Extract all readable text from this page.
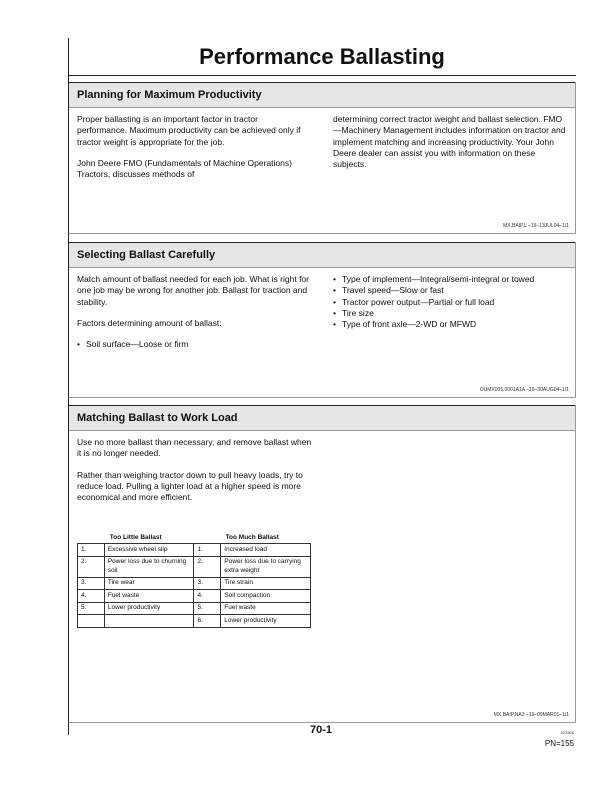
Performance Ballasting
Planning for Maximum Productivity

Proper ballasting is an important factor in tractor performance. Maximum productivity can be achieved only if tractor weight is appropriate for the job.

John Deere FMO (Fundamentals of Machine Operations) Tractors, discusses methods of

determining correct tractor weight and ballast selection. FMO—Machinery Management includes information on tractor and implement matching and increasing productivity. Your John Deere dealer can assist you with information on these subjects.

MX,BAIP,L –19–13JUL04–1/1
Selecting Ballast Carefully

Match amount of ballast needed for each job. What is right for one job may be wrong for another job. Ballast for traction and stability.

Factors determining amount of ballast:

• Soil surface—Loose or firm
• Type of implement—Integral/semi-integral or towed
• Travel speed—Slow or fast
• Tractor power output—Partial or full load
• Tire size
• Type of front axle—2-WD or MFWD
OUMX005,0001A1A –19–30AUG04–1/1
Matching Ballast to Work Load

Use no more ballast than necessary, and remove ballast when it is no longer needed.

Rather than weighing tractor down to pull heavy loads, try to reduce load. Pulling a lighter load at a higher speed is more economical and more efficient.

Too Little Ballast		Too Much Ballast	
1.	Excessive wheel slip	1.	Increased load
2.	Power loss due to churning soil	2.	Power loss due to carrying extra weight
3.	Tire wear	3.	Tire strain
4.	Fuel waste	4.	Soil compaction
5.	Lower productivity	5.	Fuel waste
		6.	Lower productivity
MX,BAIP,NA3 –19–09MAR01–1/1
70-1	022806
PN=155
